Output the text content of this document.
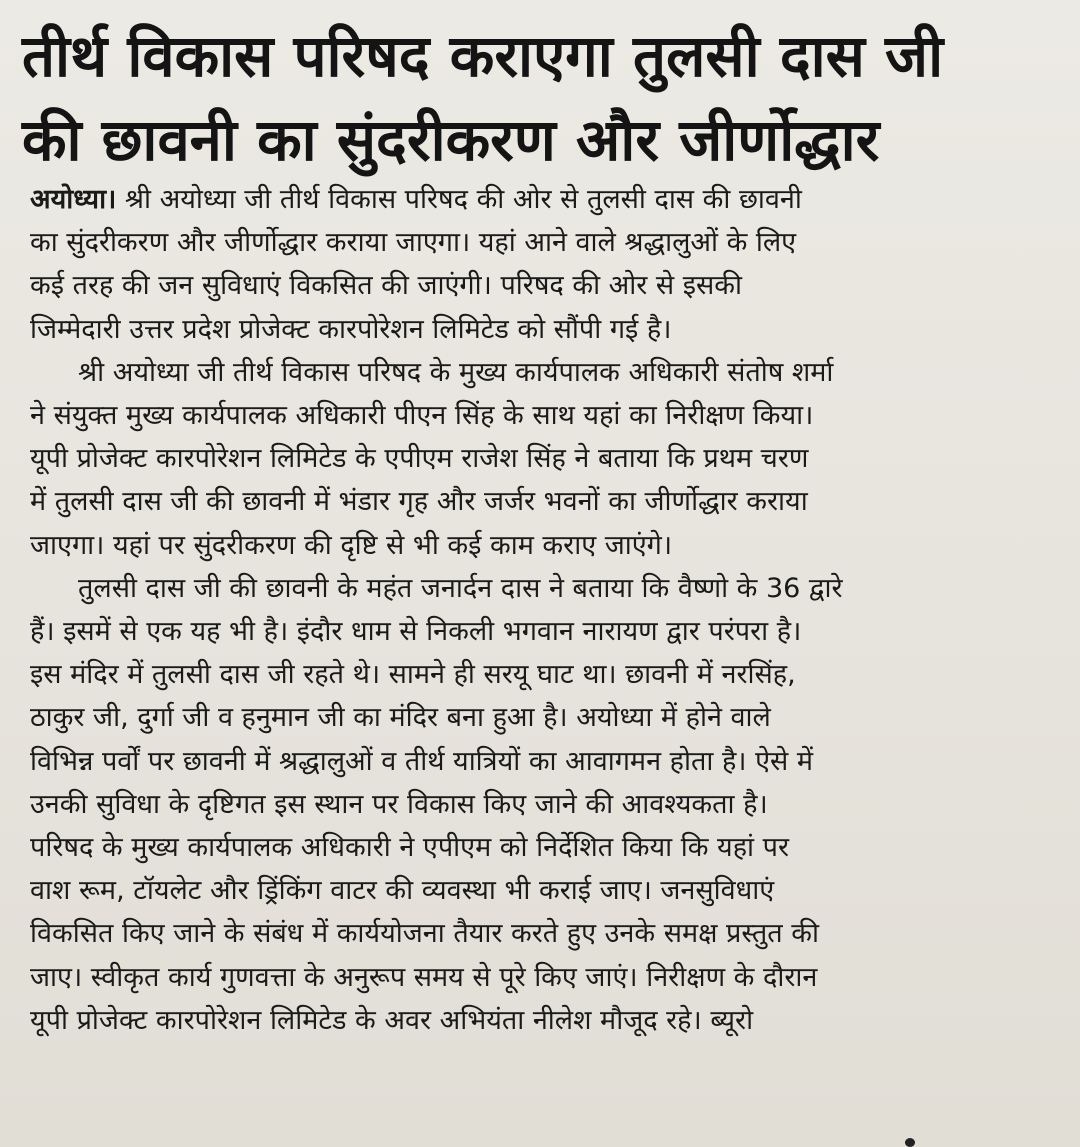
तीर्थ विकास परिषद कराएगा तुलसी दास जी
की छावनी का सुंदरीकरण और जीर्णोद्धार
अयोध्या। श्री अयोध्या जी तीर्थ विकास परिषद की ओर से तुलसी दास की छावनी
का सुंदरीकरण और जीर्णोद्धार कराया जाएगा। यहां आने वाले श्रद्धालुओं के लिए
कई तरह की जन सुविधाएं विकसित की जाएंगी। परिषद की ओर से इसकी
जिम्मेदारी उत्तर प्रदेश प्रोजेक्ट कारपोरेशन लिमिटेड को सौंपी गई है।
श्री अयोध्या जी तीर्थ विकास परिषद के मुख्य कार्यपालक अधिकारी संतोष शर्मा
ने संयुक्त मुख्य कार्यपालक अधिकारी पीएन सिंह के साथ यहां का निरीक्षण किया।
यूपी प्रोजेक्ट कारपोरेशन लिमिटेड के एपीएम राजेश सिंह ने बताया कि प्रथम चरण
में तुलसी दास जी की छावनी में भंडार गृह और जर्जर भवनों का जीर्णोद्धार कराया
जाएगा। यहां पर सुंदरीकरण की दृष्टि से भी कई काम कराए जाएंगे।
तुलसी दास जी की छावनी के महंत जनार्दन दास ने बताया कि वैष्णो के 36 द्वारे
हैं। इसमें से एक यह भी है। इंदौर धाम से निकली भगवान नारायण द्वार परंपरा है।
इस मंदिर में तुलसी दास जी रहते थे। सामने ही सरयू घाट था। छावनी में नरसिंह,
ठाकुर जी, दुर्गा जी व हनुमान जी का मंदिर बना हुआ है। अयोध्या में होने वाले
विभिन्न पर्वों पर छावनी में श्रद्धालुओं व तीर्थ यात्रियों का आवागमन होता है। ऐसे में
उनकी सुविधा के दृष्टिगत इस स्थान पर विकास किए जाने की आवश्यकता है।
परिषद के मुख्य कार्यपालक अधिकारी ने एपीएम को निर्देशित किया कि यहां पर
वाश रूम, टॉयलेट और ड्रिंकिंग वाटर की व्यवस्था भी कराई जाए। जनसुविधाएं
विकसित किए जाने के संबंध में कार्ययोजना तैयार करते हुए उनके समक्ष प्रस्तुत की
जाए। स्वीकृत कार्य गुणवत्ता के अनुरूप समय से पूरे किए जाएं। निरीक्षण के दौरान
यूपी प्रोजेक्ट कारपोरेशन लिमिटेड के अवर अभियंता नीलेश मौजूद रहे। ब्यूरो
